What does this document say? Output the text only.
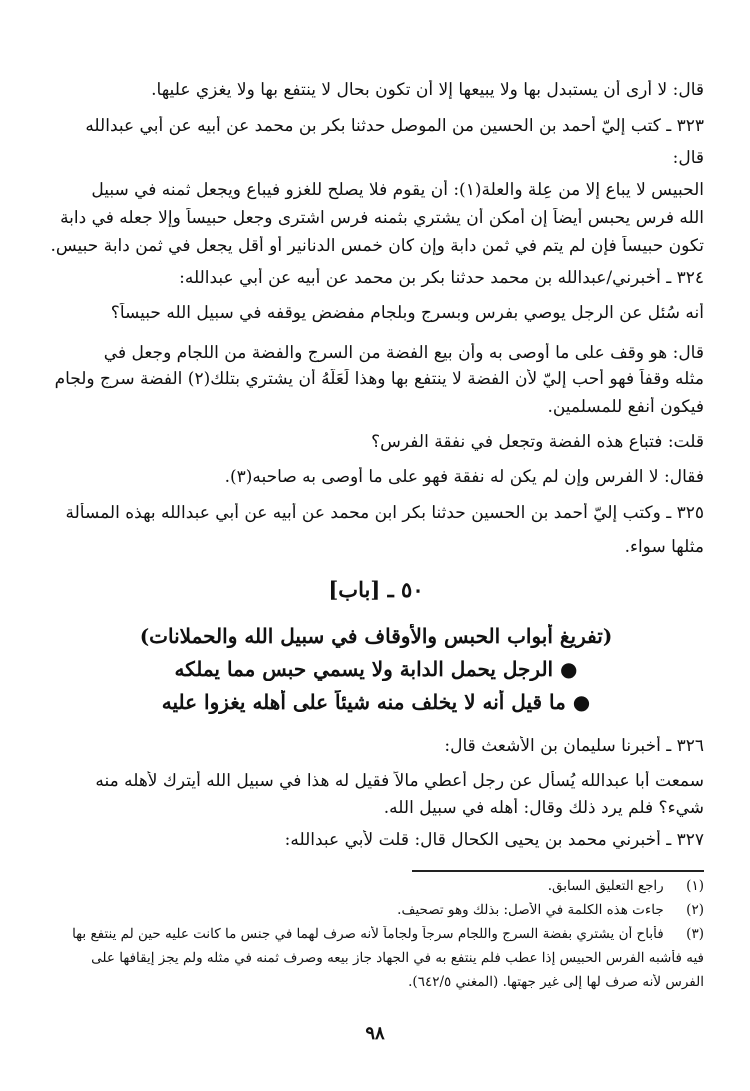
قال: لا أرى أن يستبدل بها ولا يبيعها إلا أن تكون بحال لا ينتفع بها ولا يغزي عليها.
٣٢٣ ـ كتب إليّ أحمد بن الحسين من الموصل حدثنا بكر بن محمد عن أبيه عن أبي عبدالله
قال:
الحبيس لا يباع إلا من عِلة والعلة(١): أن يقوم فلا يصلح للغزو فيباع ويجعل ثمنه في سبيل
الله فرس يحبس أيضاً إن أمكن أن يشتري بثمنه فرس اشترى وجعل حبيساً وإلا جعله في دابة
تكون حبيساً فإن لم يتم في ثمن دابة وإن كان خمس الدنانير أو أقل يجعل في ثمن دابة حبيس.
٣٢٤ ـ أخبرني/عبدالله بن محمد حدثنا بكر بن محمد عن أبيه عن أبي عبدالله:
أنه سُئل عن الرجل يوصي بفرس وبسرج وبلجام مفضض يوقفه في سبيل الله حبيساً؟
قال: هو وقف على ما أوصى به وأن بيع الفضة من السرج والفضة من اللجام وجعل في
مثله وقفاً فهو أحب إليّ لأن الفضة لا ينتفع بها وهذا لَعَلَّهُ أن يشتري بتلك(٢) الفضة سرج ولجام
فيكون أنفع للمسلمين.
قلت: فتباع هذه الفضة وتجعل في نفقة الفرس؟
فقال: لا الفرس وإن لم يكن له نفقة فهو على ما أوصى به صاحبه(٣).
٣٢٥ ـ وكتب إليّ أحمد بن الحسين حدثنا بكر ابن محمد عن أبيه عن أبي عبدالله بهذه المسألة
مثلها سواء.
٥٠ ـ [باب]
(تفريغ أبواب الحبس والأوقاف في سبيل الله والحملانات)
● الرجل يحمل الدابة ولا يسمي حبس مما يملكه
● ما قيل أنه لا يخلف منه شيئاً على أهله يغزوا عليه
٣٢٦ ـ أخبرنا سليمان بن الأشعث قال:
سمعت أبا عبدالله يُسأل عن رجل أعطي مالاً فقيل له هذا في سبيل الله أيترك لأهله منه
شيء؟ فلم يرد ذلك وقال: أهله في سبيل الله.
٣٢٧ ـ أخبرني محمد بن يحيى الكحال قال: قلت لأبي عبدالله:
(١) راجع التعليق السابق.
(٢) جاءت هذه الكلمة في الأصل: بذلك وهو تصحيف.
(٣) فأباح أن يشتري بفضة السرج واللجام سرجاً ولجاماً لأنه صرف لهما في جنس ما كانت عليه حين لم ينتفع بها
فيه فأشبه الفرس الحبيس إذا عطب فلم ينتفع به في الجهاد جاز بيعه وصرف ثمنه في مثله ولم يجز إيقافها على
الفرس لأنه صرف لها إلى غير جهتها. (المغني ٦٤٢/٥).
٩٨
